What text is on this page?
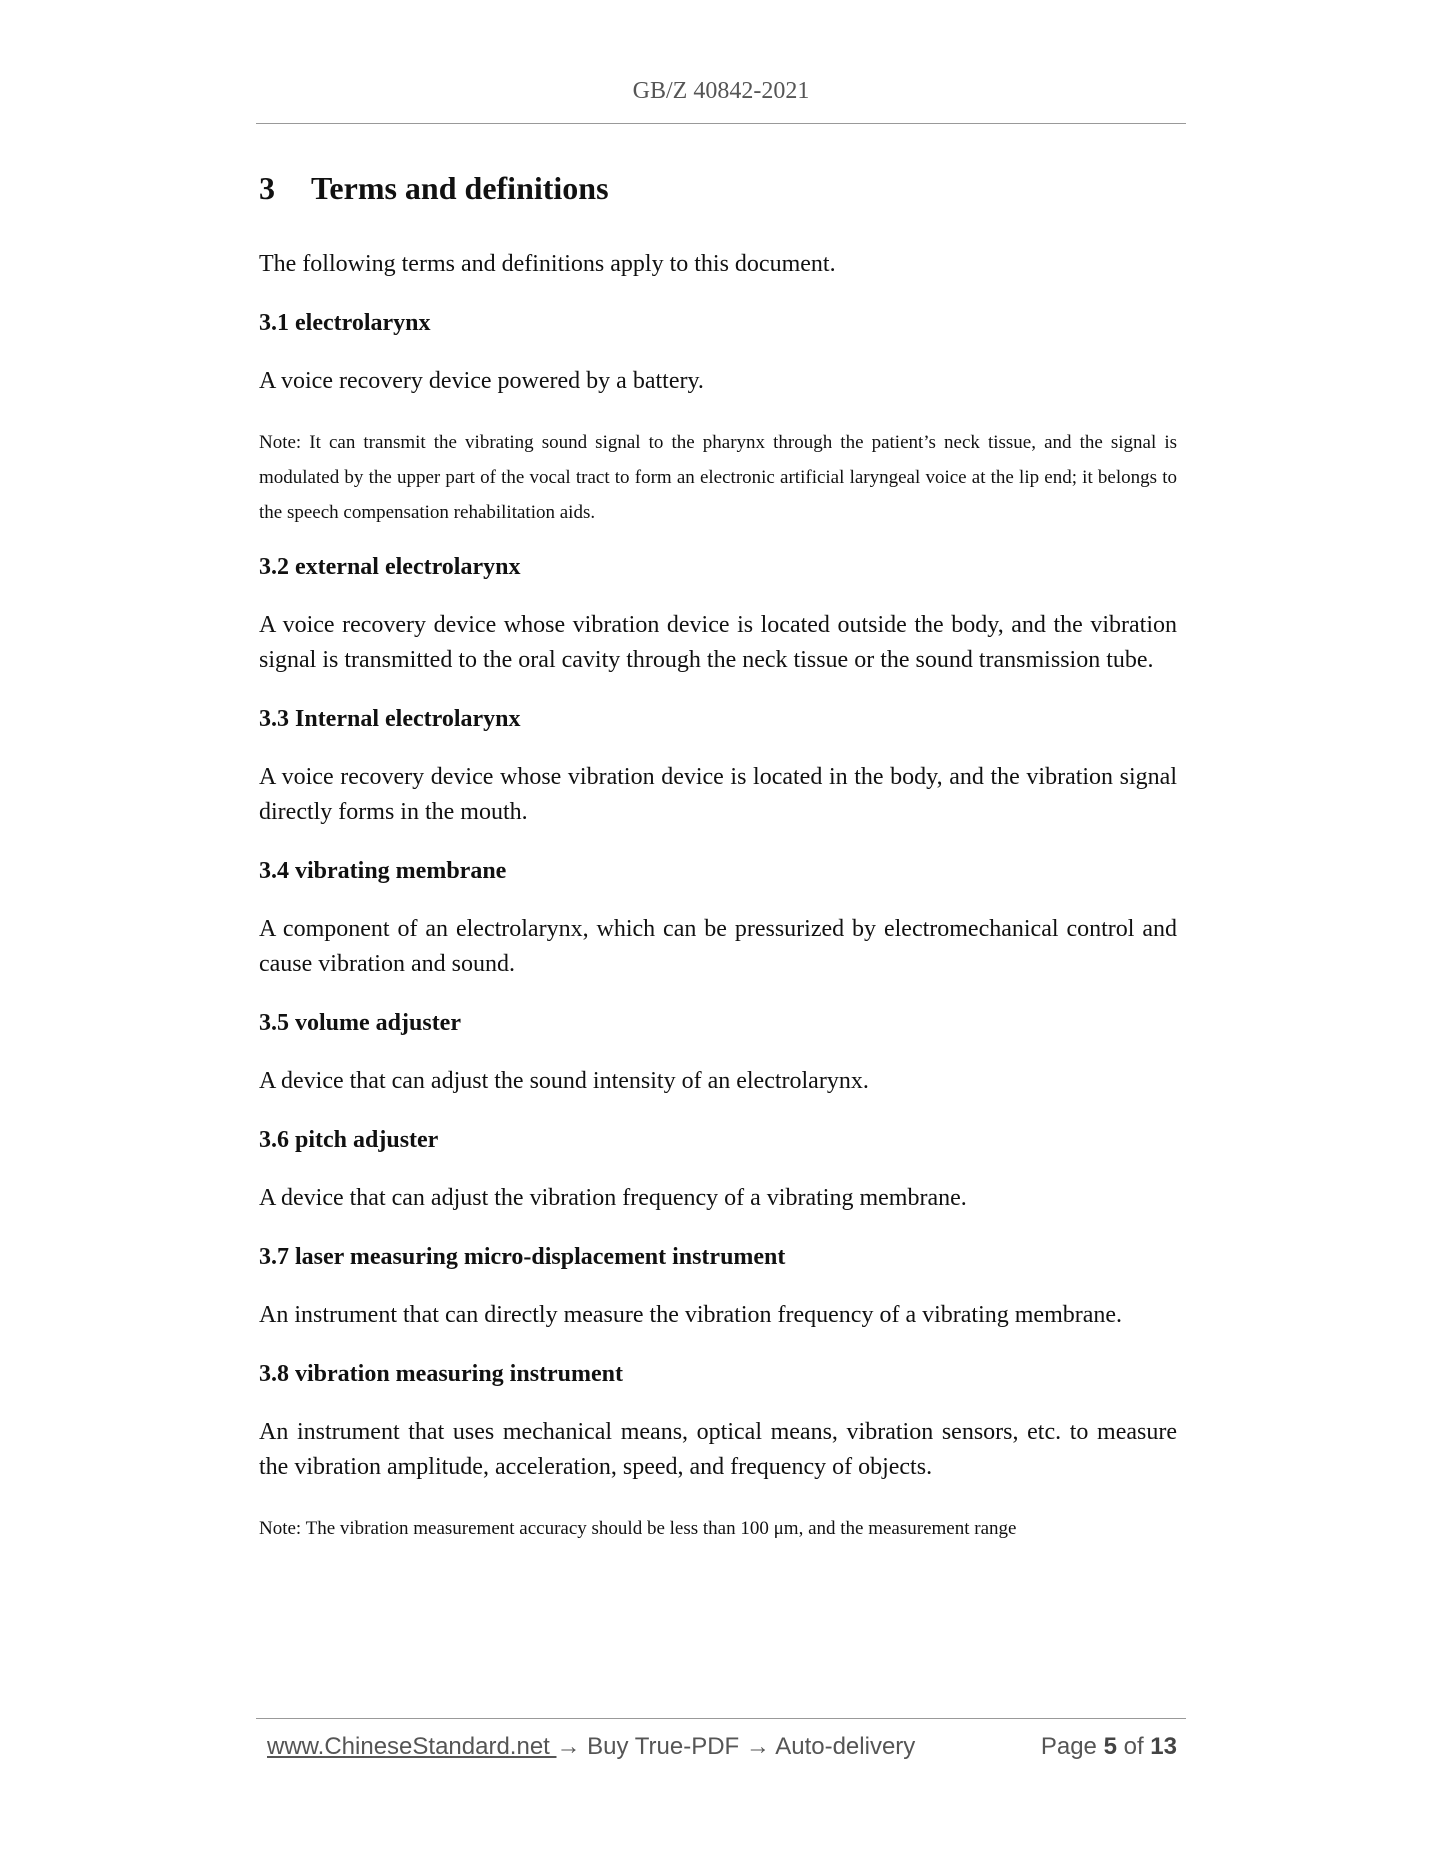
GB/Z 40842-2021
3 Terms and definitions

The following terms and definitions apply to this document.

3.1 electrolarynx

A voice recovery device powered by a battery.

Note: It can transmit the vibrating sound signal to the pharynx through the patient’s neck tissue, and the signal is modulated by the upper part of the vocal tract to form an electronic artificial laryngeal voice at the lip end; it belongs to the speech compensation rehabilitation aids.

3.2 external electrolarynx

A voice recovery device whose vibration device is located outside the body, and the vibration signal is transmitted to the oral cavity through the neck tissue or the sound transmission tube.

3.3 Internal electrolarynx

A voice recovery device whose vibration device is located in the body, and the vibration signal directly forms in the mouth.

3.4 vibrating membrane

A component of an electrolarynx, which can be pressurized by electromechanical control and cause vibration and sound.

3.5 volume adjuster

A device that can adjust the sound intensity of an electrolarynx.

3.6 pitch adjuster

A device that can adjust the vibration frequency of a vibrating membrane.

3.7 laser measuring micro-displacement instrument

An instrument that can directly measure the vibration frequency of a vibrating membrane.

3.8 vibration measuring instrument

An instrument that uses mechanical means, optical means, vibration sensors, etc. to measure the vibration amplitude, acceleration, speed, and frequency of objects.

Note: The vibration measurement accuracy should be less than 100 μm, and the measurement range

www.ChineseStandard.net → Buy True-PDF → Auto-delivery	Page 5 of 13
